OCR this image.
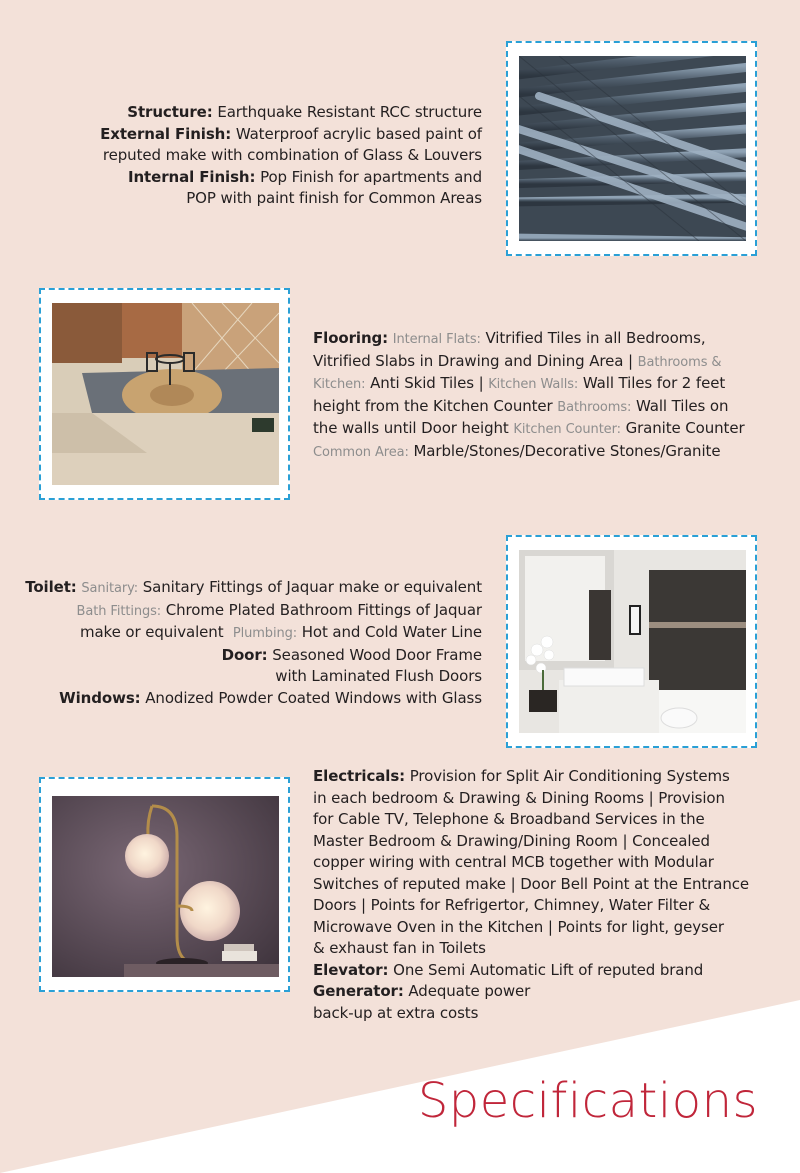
Structure: Earthquake Resistant RCC structure
External Finish: Waterproof acrylic based paint of
reputed make with combination of Glass & Louvers
Internal Finish: Pop Finish for apartments and
POP with paint finish for Common Areas
Flooring: Internal Flats: Vitrified Tiles in all Bedrooms,
Vitrified Slabs in Drawing and Dining Area | Bathrooms &
Kitchen: Anti Skid Tiles | Kitchen Walls: Wall Tiles for 2 feet
height from the Kitchen Counter Bathrooms: Wall Tiles on
the walls until Door height Kitchen Counter: Granite Counter
Common Area: Marble/Stones/Decorative Stones/Granite
Toilet: Sanitary: Sanitary Fittings of Jaquar make or equivalent
Bath Fittings: Chrome Plated Bathroom Fittings of Jaquar
make or equivalent Plumbing: Hot and Cold Water Line
Door: Seasoned Wood Door Frame
with Laminated Flush Doors
Windows: Anodized Powder Coated Windows with Glass
Electricals: Provision for Split Air Conditioning Systems
in each bedroom & Drawing & Dining Rooms | Provision
for Cable TV, Telephone & Broadband Services in the
Master Bedroom & Drawing/Dining Room | Concealed
copper wiring with central MCB together with Modular
Switches of reputed make | Door Bell Point at the Entrance
Doors | Points for Refrigertor, Chimney, Water Filter &
Microwave Oven in the Kitchen | Points for light, geyser
& exhaust fan in Toilets
Elevator: One Semi Automatic Lift of reputed brand
Generator: Adequate power
back-up at extra costs
Specifications
